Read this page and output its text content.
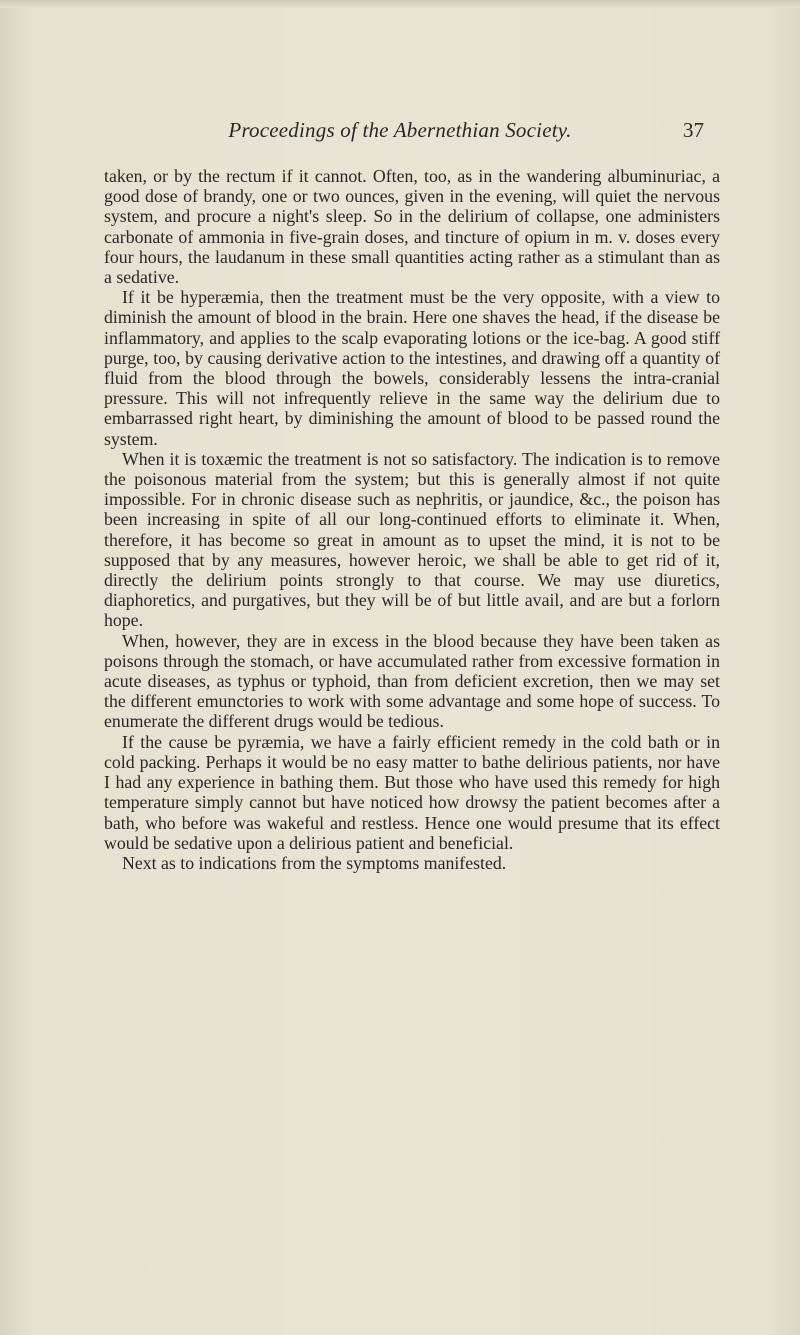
Proceedings of the Abernethian Society.	37

taken, or by the rectum if it cannot. Often, too, as in the wandering albuminuriac, a good dose of brandy, one or two ounces, given in the evening, will quiet the nervous system, and procure a night's sleep. So in the delirium of collapse, one administers carbonate of ammonia in five-grain doses, and tincture of opium in m. v. doses every four hours, the laudanum in these small quantities acting rather as a stimulant than as a sedative.

If it be hyperæmia, then the treatment must be the very opposite, with a view to diminish the amount of blood in the brain. Here one shaves the head, if the disease be inflammatory, and applies to the scalp evaporating lotions or the ice-bag. A good stiff purge, too, by causing derivative action to the intestines, and drawing off a quantity of fluid from the blood through the bowels, considerably lessens the intra-cranial pressure. This will not infrequently relieve in the same way the delirium due to embarrassed right heart, by diminishing the amount of blood to be passed round the system.

When it is toxæmic the treatment is not so satisfactory. The indication is to remove the poisonous material from the system; but this is generally almost if not quite impossible. For in chronic disease such as nephritis, or jaundice, &c., the poison has been increasing in spite of all our long-continued efforts to eliminate it. When, therefore, it has become so great in amount as to upset the mind, it is not to be supposed that by any measures, however heroic, we shall be able to get rid of it, directly the delirium points strongly to that course. We may use diuretics, diaphoretics, and purgatives, but they will be of but little avail, and are but a forlorn hope.

When, however, they are in excess in the blood because they have been taken as poisons through the stomach, or have accumulated rather from excessive formation in acute diseases, as typhus or typhoid, than from deficient excretion, then we may set the different emunctories to work with some advantage and some hope of success. To enumerate the different drugs would be tedious.

If the cause be pyræmia, we have a fairly efficient remedy in the cold bath or in cold packing. Perhaps it would be no easy matter to bathe delirious patients, nor have I had any experience in bathing them. But those who have used this remedy for high temperature simply cannot but have noticed how drowsy the patient becomes after a bath, who before was wakeful and restless. Hence one would presume that its effect would be sedative upon a delirious patient and beneficial.

Next as to indications from the symptoms manifested.
